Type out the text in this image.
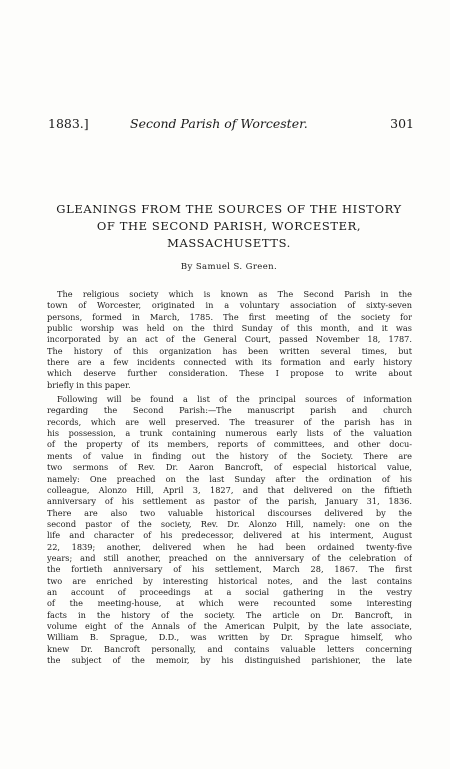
1883.]	Second Parish of Worcester.	301
GLEANINGS FROM THE SOURCES OF THE HISTORY
OF THE SECOND PARISH, WORCESTER,
MASSACHUSETTS.
By Samuel S. Green.

The religious society which is known as The Second Parish in the
town of Worcester, originated in a voluntary association of sixty-seven
persons, formed in March, 1785. The first meeting of the society for
public worship was held on the third Sunday of this month, and it was
incorporated by an act of the General Court, passed November 18, 1787.
The history of this organization has been written several times, but
there are a few incidents connected with its formation and early history
which deserve further consideration. These I propose to write about
briefly in this paper.

Following will be found a list of the principal sources of information
regarding the Second Parish:—The manuscript parish and church
records, which are well preserved. The treasurer of the parish has in
his possession, a trunk containing numerous early lists of the valuation
of the property of its members, reports of committees, and other docu-
ments of value in finding out the history of the Society. There are
two sermons of Rev. Dr. Aaron Bancroft, of especial historical value,
namely: One preached on the last Sunday after the ordination of his
colleague, Alonzo Hill, April 3, 1827, and that delivered on the fiftieth
anniversary of his settlement as pastor of the parish, January 31, 1836.
There are also two valuable historical discourses delivered by the
second pastor of the society, Rev. Dr. Alonzo Hill, namely: one on the
life and character of his predecessor, delivered at his interment, August
22, 1839; another, delivered when he had been ordained twenty-five
years; and still another, preached on the anniversary of the celebration of
the fortieth anniversary of his settlement, March 28, 1867. The first
two are enriched by interesting historical notes, and the last contains
an account of proceedings at a social gathering in the vestry
of the meeting-house, at which were recounted some interesting
facts in the history of the society. The article on Dr. Bancroft, in
volume eight of the Annals of the American Pulpit, by the late associate,
William B. Sprague, D.D., was written by Dr. Sprague himself, who
knew Dr. Bancroft personally, and contains valuable letters concerning
the subject of the memoir, by his distinguished parishioner, the late
